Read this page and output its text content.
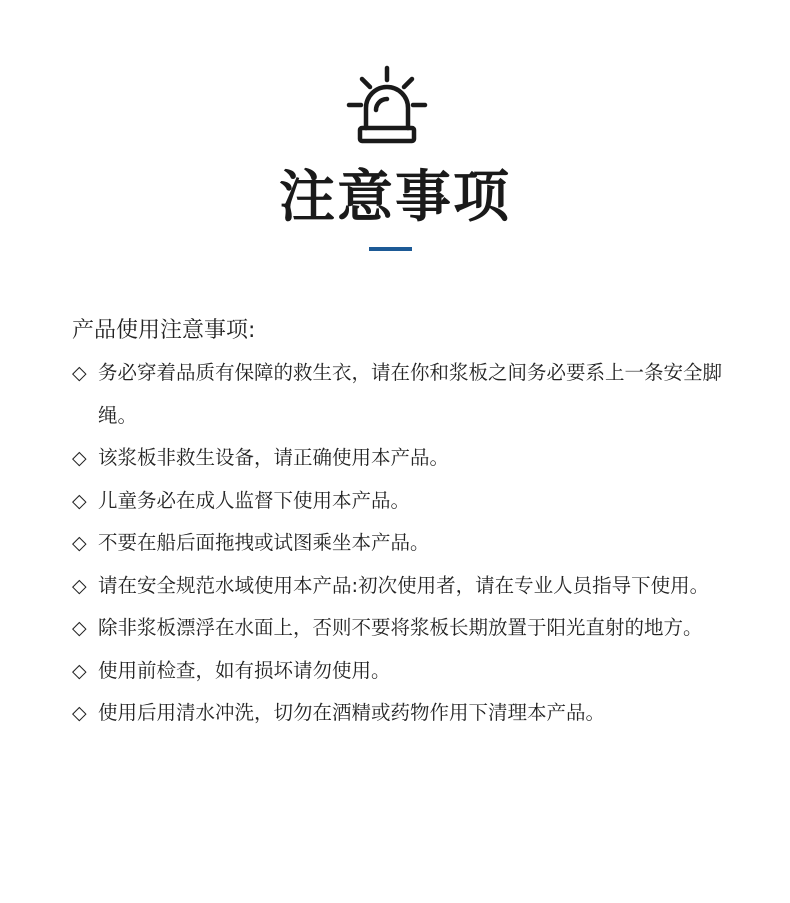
注意事项
产品使用注意事项:
◇ 务必穿着品质有保障的救生衣，请在你和浆板之间务必要系上一条安全脚绳。
◇ 该浆板非救生设备，请正确使用本产品。
◇ 儿童务必在成人监督下使用本产品。
◇ 不要在船后面拖拽或试图乘坐本产品。
◇ 请在安全规范水域使用本产品:初次使用者，请在专业人员指导下使用。
◇ 除非浆板漂浮在水面上，否则不要将浆板长期放置于阳光直射的地方。
◇ 使用前检查，如有损坏请勿使用。
◇ 使用后用清水冲洗，切勿在酒精或药物作用下清理本产品。
